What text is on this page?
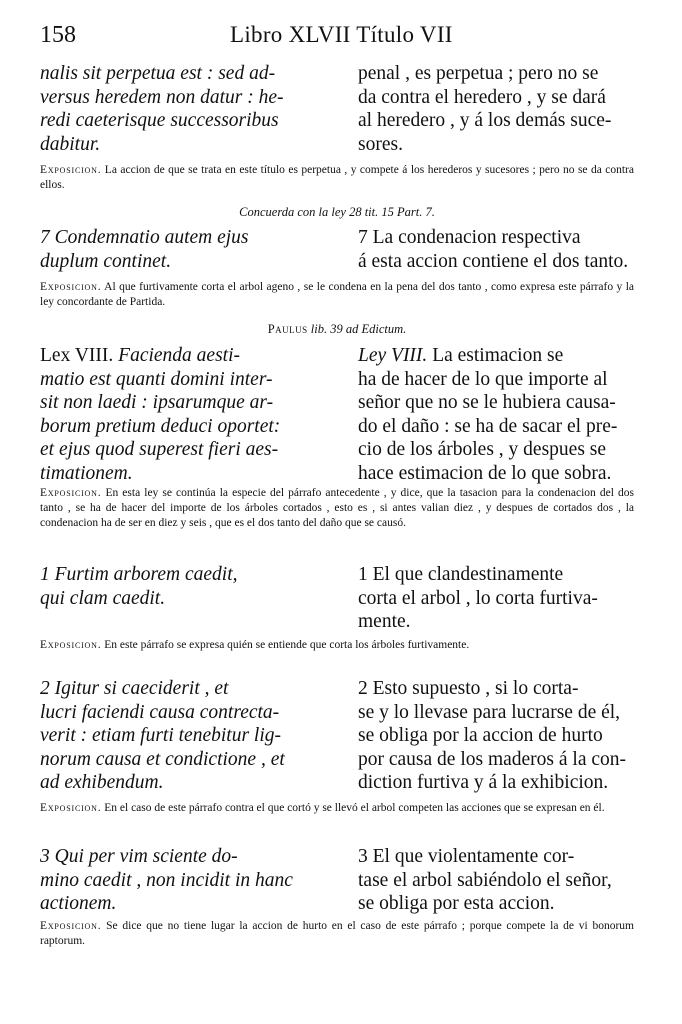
158	Libro XLVII Título VII
nalis sit perpetua est : sed ad-
versus heredem non datur : he-
redi caeterisque successoribus
dabitur.
penal , es perpetua ; pero no se
da contra el heredero , y se dará
al heredero , y á los demás suce-
sores.
Exposicion. La accion de que se trata en este título es perpetua , y compete á los herederos y sucesores ; pero no se da contra ellos.
Concuerda con la ley 28 tit. 15 Part. 7.
7 Condemnatio autem ejus
duplum continet.
7 La condenacion respectiva
á esta accion contiene el dos tanto.
Exposicion. Al que furtivamente corta el arbol ageno , se le condena en la pena del dos tanto , como expresa este párrafo y la ley concordante de Partida.
Paulus lib. 39 ad Edictum.
Lex VIII. Facienda aesti-
matio est quanti domini inter-
sit non laedi : ipsarumque ar-
borum pretium deduci oportet:
et ejus quod superest fieri aes-
timationem.
Ley VIII. La estimacion se
ha de hacer de lo que importe al
señor que no se le hubiera causa-
do el daño : se ha de sacar el pre-
cio de los árboles , y despues se
hace estimacion de lo que sobra.
Exposicion. En esta ley se continúa la especie del párrafo antecedente , y dice, que la tasacion para la condenacion del dos tanto , se ha de hacer del importe de los árboles cortados , esto es , si antes valian diez , y despues de cortados dos , la condenacion ha de ser en diez y seis , que es el dos tanto del daño que se causó.
1 Furtim arborem caedit,
qui clam caedit.
1 El que clandestinamente
corta el arbol , lo corta furtiva-
mente.
Exposicion. En este párrafo se expresa quién se entiende que corta los árboles furtivamente.
2 Igitur si caeciderit , et
lucri faciendi causa contrecta-
verit : etiam furti tenebitur lig-
norum causa et condictione , et
ad exhibendum.
2 Esto supuesto , si lo corta-
se y lo llevase para lucrarse de él,
se obliga por la accion de hurto
por causa de los maderos á la con-
diction furtiva y á la exhibicion.
Exposicion. En el caso de este párrafo contra el que cortó y se llevó el arbol competen las acciones que se expresan en él.
3 Qui per vim sciente do-
mino caedit , non incidit in hanc
actionem.
3 El que violentamente cor-
tase el arbol sabiéndolo el señor,
se obliga por esta accion.
Exposicion. Se dice que no tiene lugar la accion de hurto en el caso de este párrafo ; porque compete la de vi bonorum raptorum.
